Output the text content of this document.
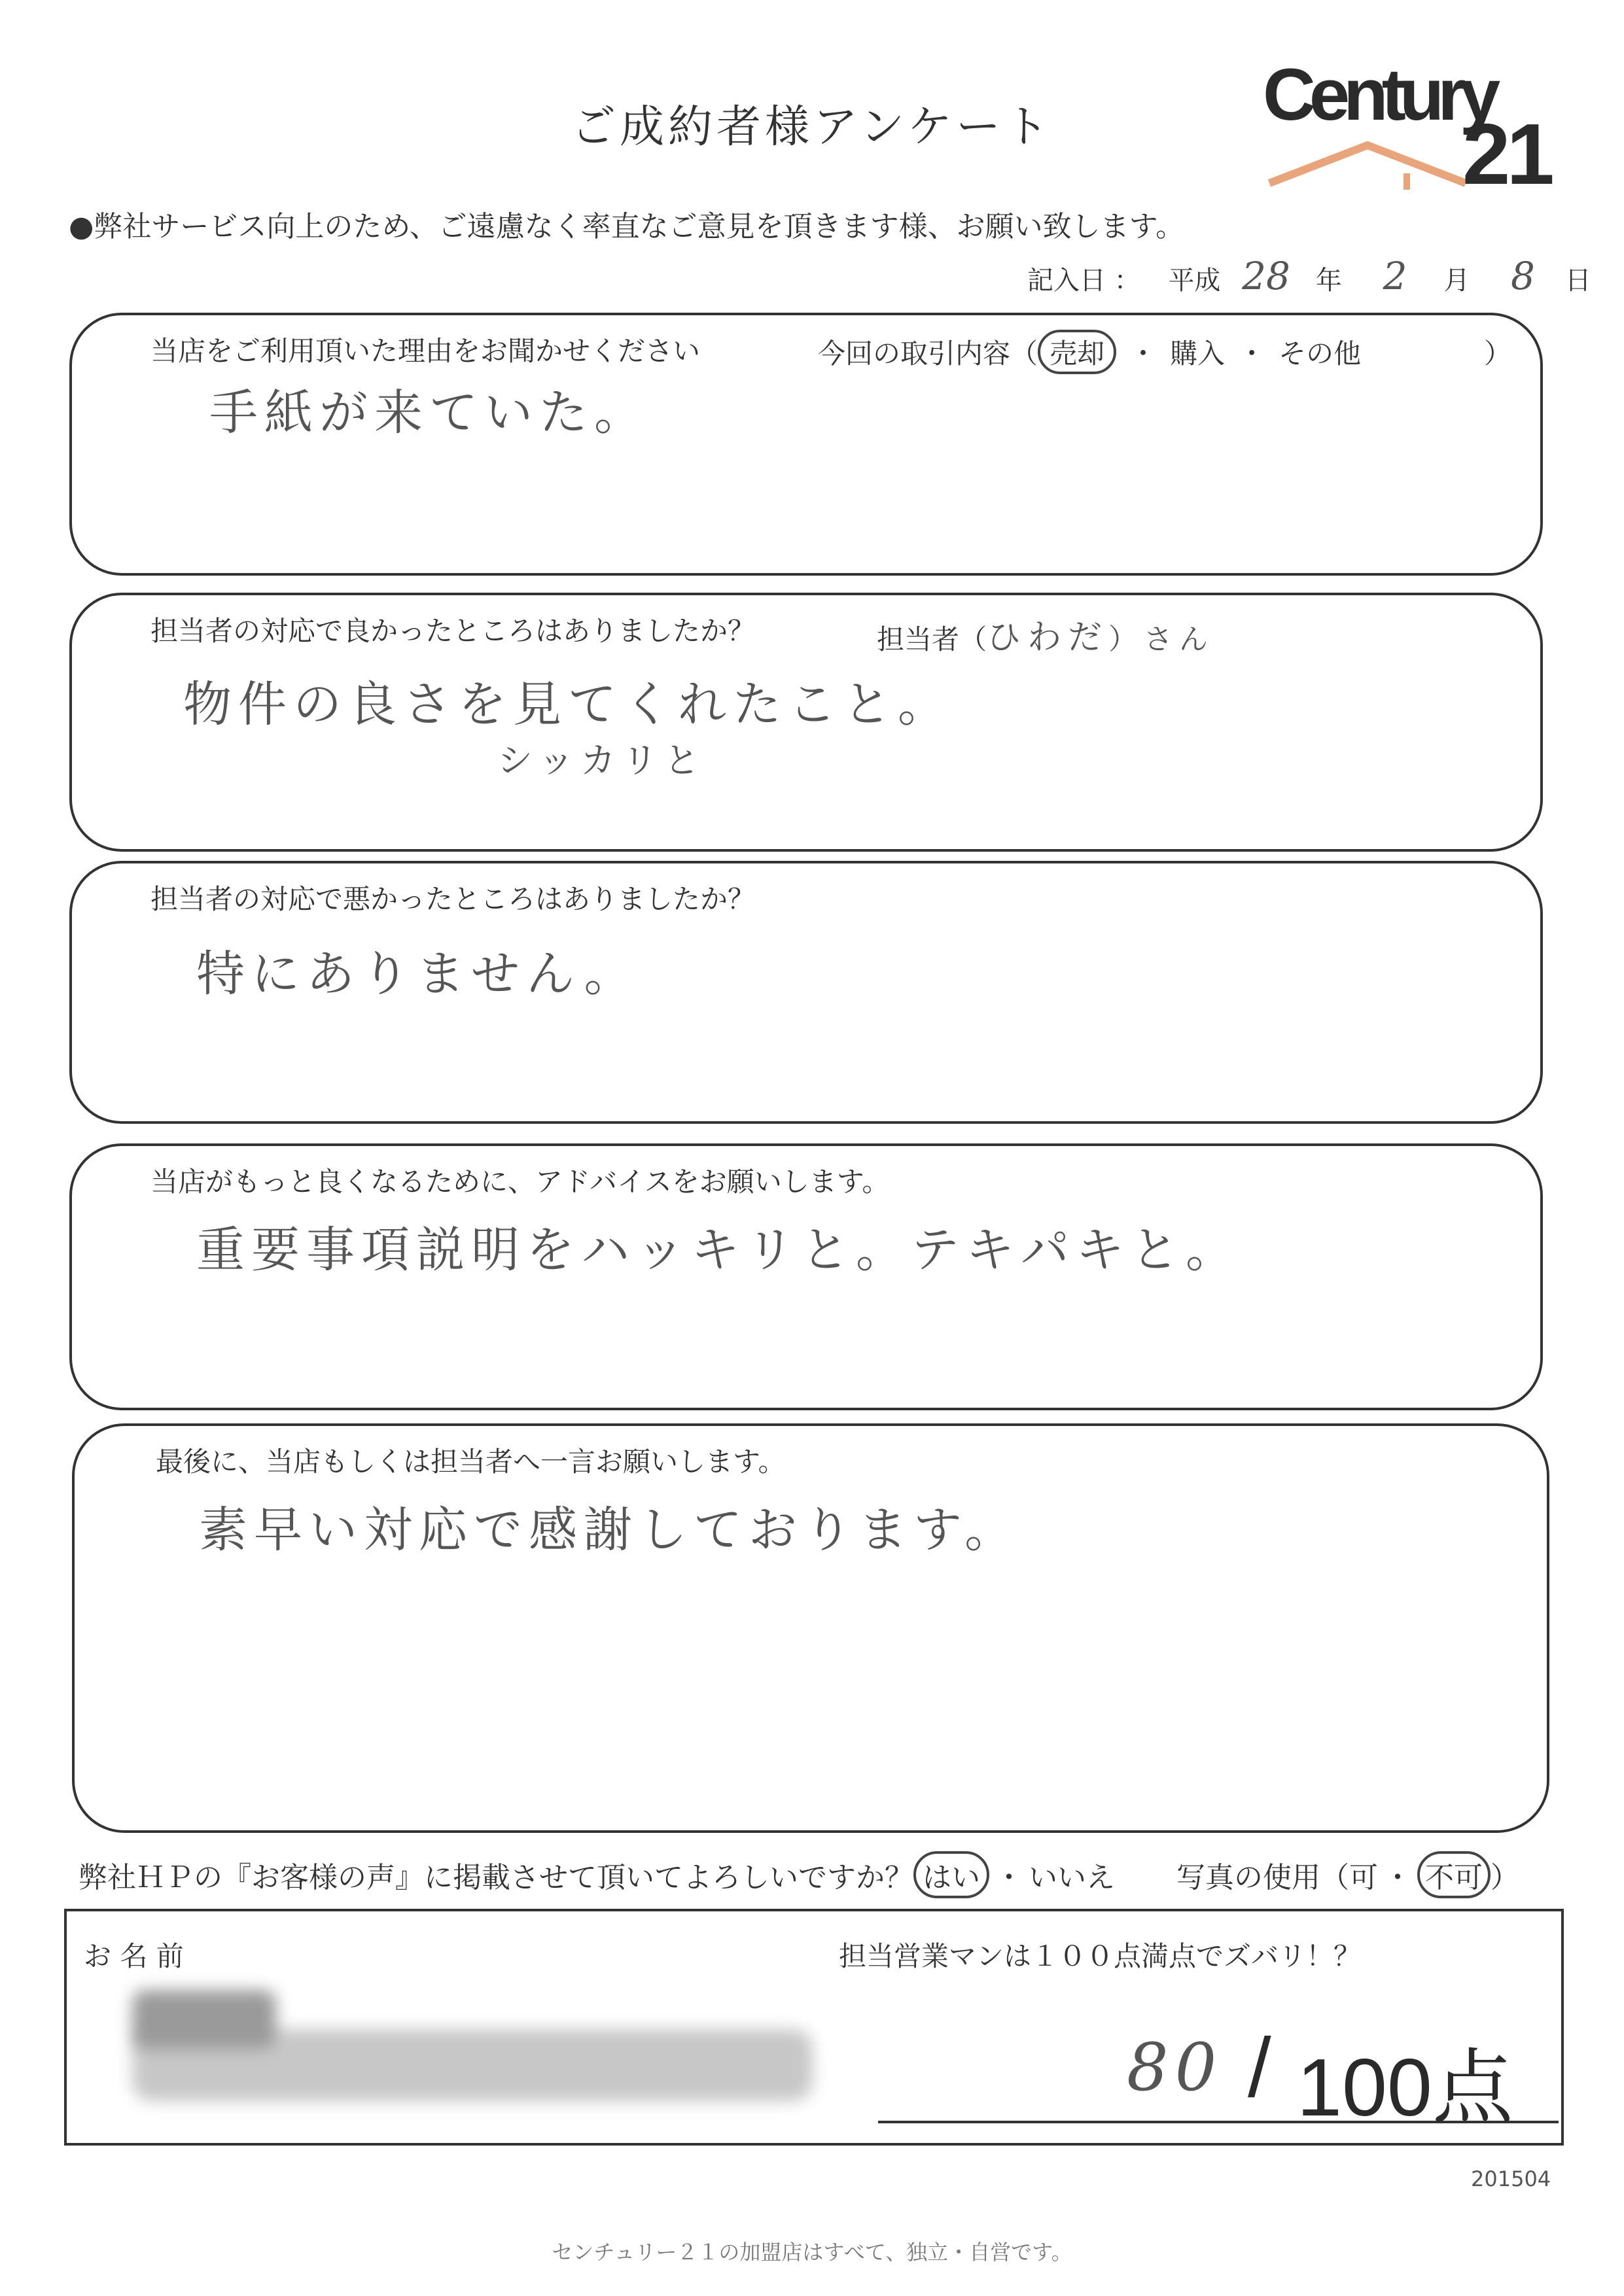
ご成約者様アンケート	Century
21
●弊社サービス向上のため、ご遠慮なく率直なご意見を頂きます様、お願い致します。
記入日 ： 平成 28 年 2 月 8 日
当店をご利用頂いた理由をお聞かせください	今回の取引内容（ 売却 ・ 購入 ・ その他	）
手紙が来ていた。
担当者の対応で良かったところはありましたか？	担当者（ひわだ）さん
物件の良さを見てくれたこと。
シッカリと
担当者の対応で悪かったところはありましたか？
特にありません。
当店がもっと良くなるために、アドバイスをお願いします。
重要事項説明をハッキリと。テキパキと。
最後に、当店もしくは担当者へ一言お願いします。
素早い対応で感謝しております。
弊社ＨＰの『お客様の声』に掲載させて頂いてよろしいですか？ はい ・ いいえ 写真の使用（可 ・ 不可 ）
お 名 前	担当営業マンは１００点満点でズバリ！？
80 / 100点
201504
センチュリー２１の加盟店はすべて、独立・自営です。
